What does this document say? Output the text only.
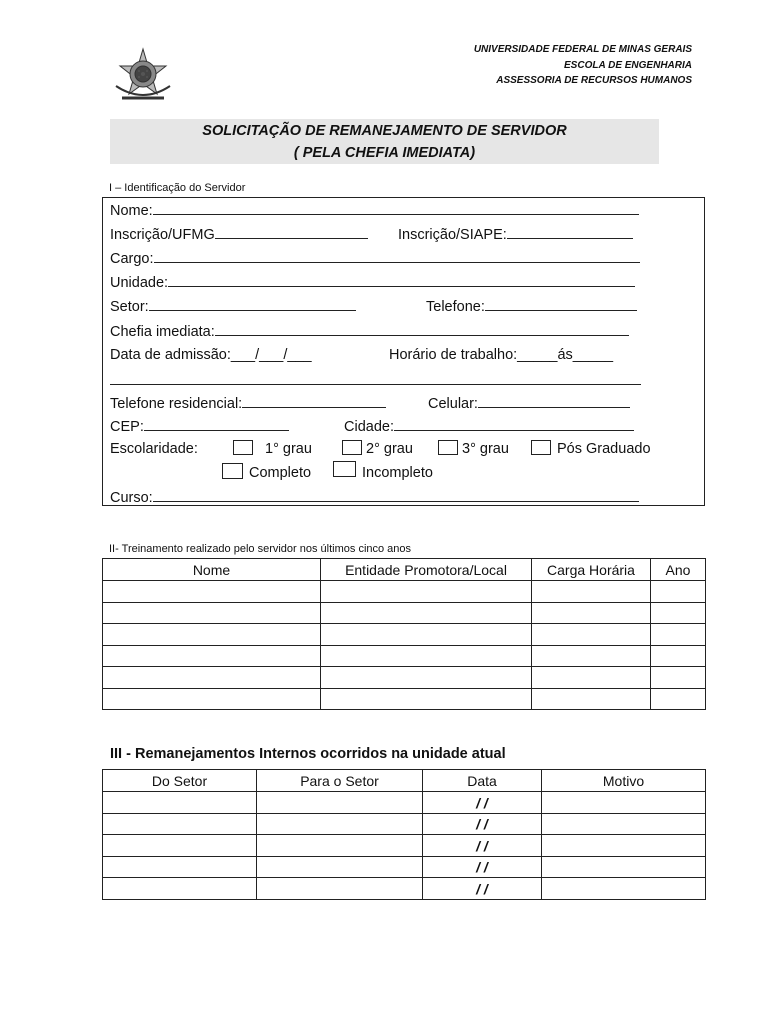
UNIVERSIDADE FEDERAL DE MINAS GERAIS
ESCOLA DE ENGENHARIA
ASSESSORIA DE RECURSOS HUMANOS
SOLICITAÇÃO DE REMANEJAMENTO DE SERVIDOR
( PELA CHEFIA IMEDIATA)
I – Identificação do Servidor
Nome:
Inscrição/UFMG	Inscrição/SIAPE:
Cargo:
Unidade:
Setor:	Telefone:
Chefia imediata:
Data de admissão:___/___/___	Horário de trabalho:_____ás_____
Telefone residencial:	Celular:
CEP:	Cidade:
Escolaridade:	1° grau	2° grau	3° grau	Pós Graduado
Completo	Incompleto
Curso:
II- Treinamento realizado pelo servidor nos últimos cinco anos
Nome	Entidade Promotora/Local	Carga Horária	Ano

III - Remanejamentos Internos ocorridos na unidade atual
Do Setor	Para o Setor	Data	Motivo
		/ /	
		/ /	
		/ /	
		/ /	
		/ /	
